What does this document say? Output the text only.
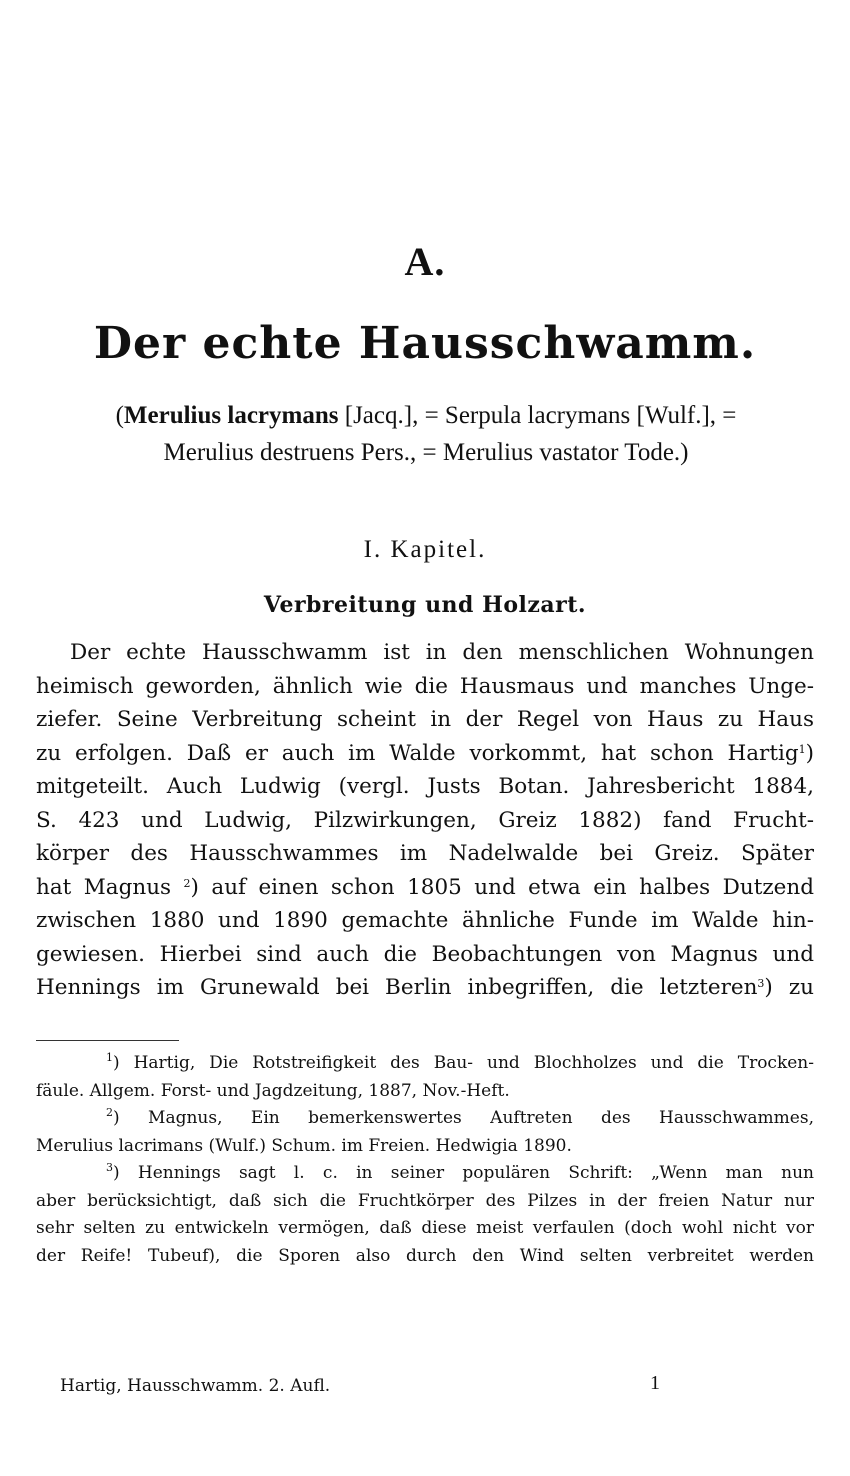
A.
Der echte Hausschwamm.
(Merulius lacrymans [Jacq.], = Serpula lacrymans [Wulf.], =
Merulius destruens Pers., = Merulius vastator Tode.)
I. Kapitel.
Verbreitung und Holzart.
Der echte Hausschwamm ist in den menschlichen Wohnungen
heimisch geworden, ähnlich wie die Hausmaus und manches Unge-
ziefer. Seine Verbreitung scheint in der Regel von Haus zu Haus
zu erfolgen. Daß er auch im Walde vorkommt, hat schon Hartig$^1$)
mitgeteilt. Auch Ludwig (vergl. Justs Botan. Jahresbericht 1884,
S. 423 und Ludwig, Pilzwirkungen, Greiz 1882) fand Frucht-
körper des Hausschwammes im Nadelwalde bei Greiz. Später
hat Magnus $^2$) auf einen schon 1805 und etwa ein halbes Dutzend
zwischen 1880 und 1890 gemachte ähnliche Funde im Walde hin-
gewiesen. Hierbei sind auch die Beobachtungen von Magnus und
Hennings im Grunewald bei Berlin inbegriffen, die letzteren$^3$) zu
$^1$) Hartig, Die Rotstreifigkeit des Bau- und Blochholzes und die Trocken-
fäule. Allgem. Forst- und Jagdzeitung, 1887, Nov.-Heft.
$^2$) Magnus, Ein bemerkenswertes Auftreten des Hausschwammes,
Merulius lacrimans (Wulf.) Schum. im Freien. Hedwigia 1890.
$^3$) Hennings sagt l. c. in seiner populären Schrift: „Wenn man nun
aber berücksichtigt, daß sich die Fruchtkörper des Pilzes in der freien Natur nur
sehr selten zu entwickeln vermögen, daß diese meist verfaulen (doch wohl nicht vor
der Reife! Tubeuf), die Sporen also durch den Wind selten verbreitet werden
Hartig, Hausschwamm. 2. Aufl.	1
